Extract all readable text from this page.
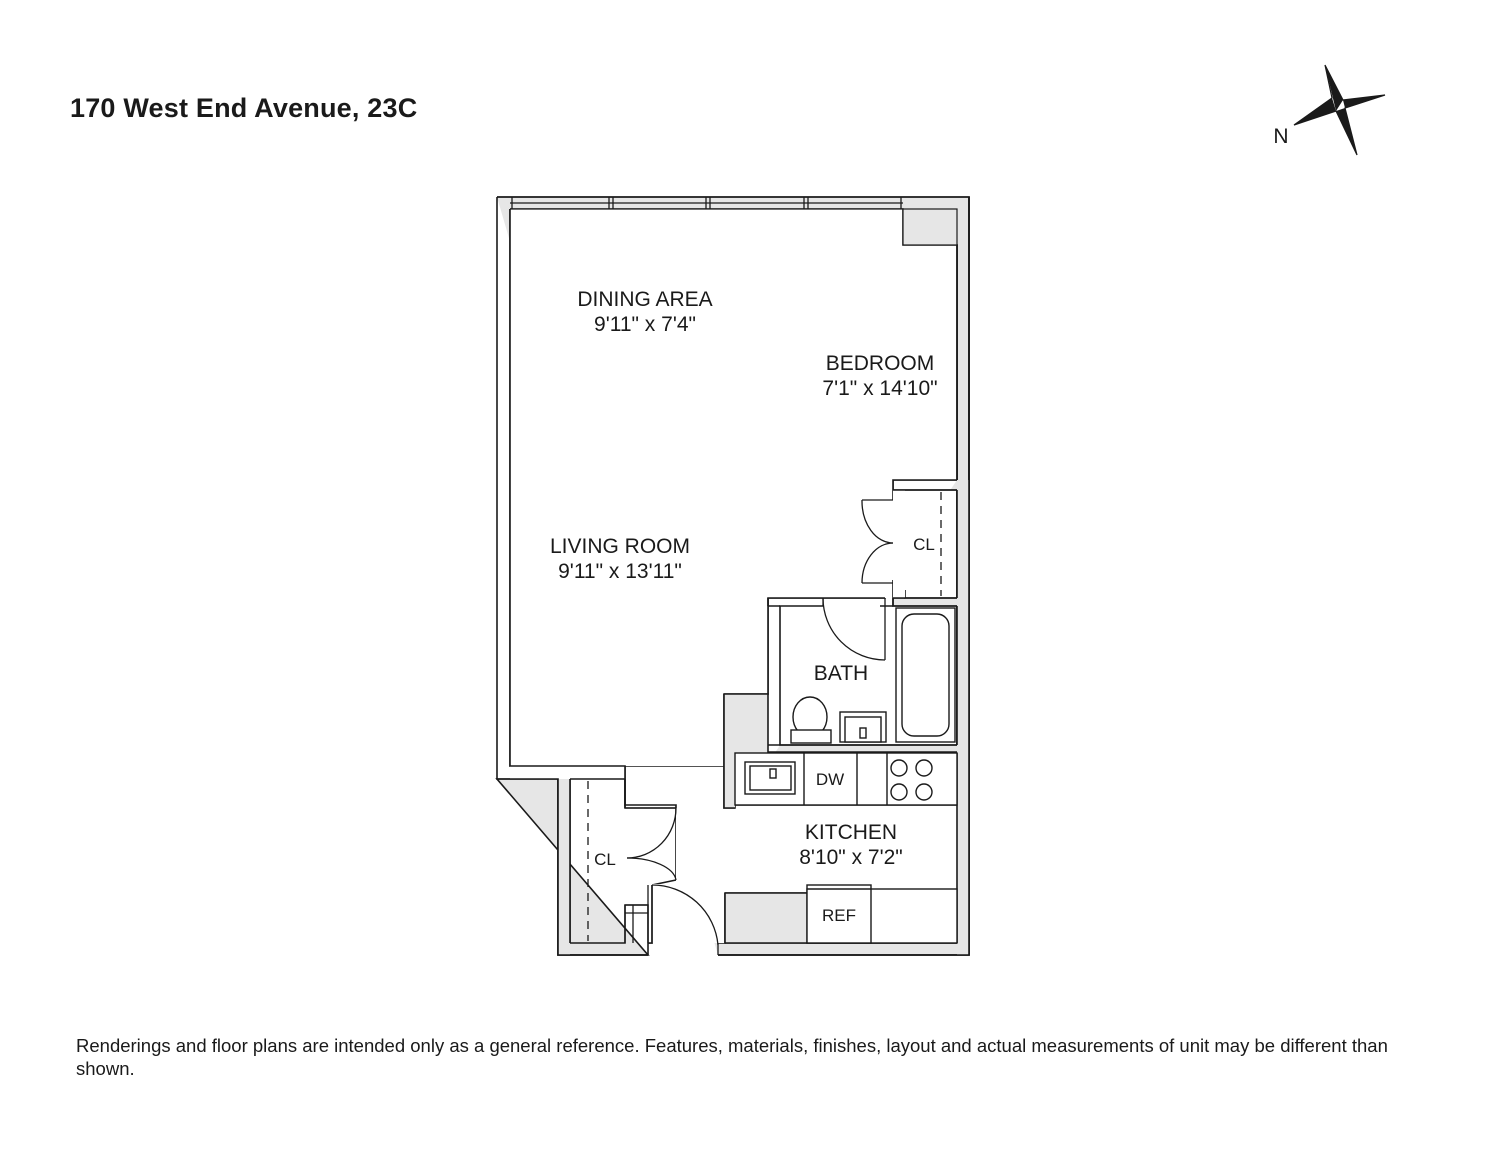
170 West End Avenue, 23C
N
DINING AREA
9'11" x 7'4"
BEDROOM
7'1" x 14'10"
LIVING ROOM
9'11" x 13'11"
BATH
KITCHEN
8'10" x 7'2"
CL
CL
DW
REF
Renderings and floor plans are intended only as a general reference. Features, materials, finishes, layout and actual measurements of unit may be different than shown.
